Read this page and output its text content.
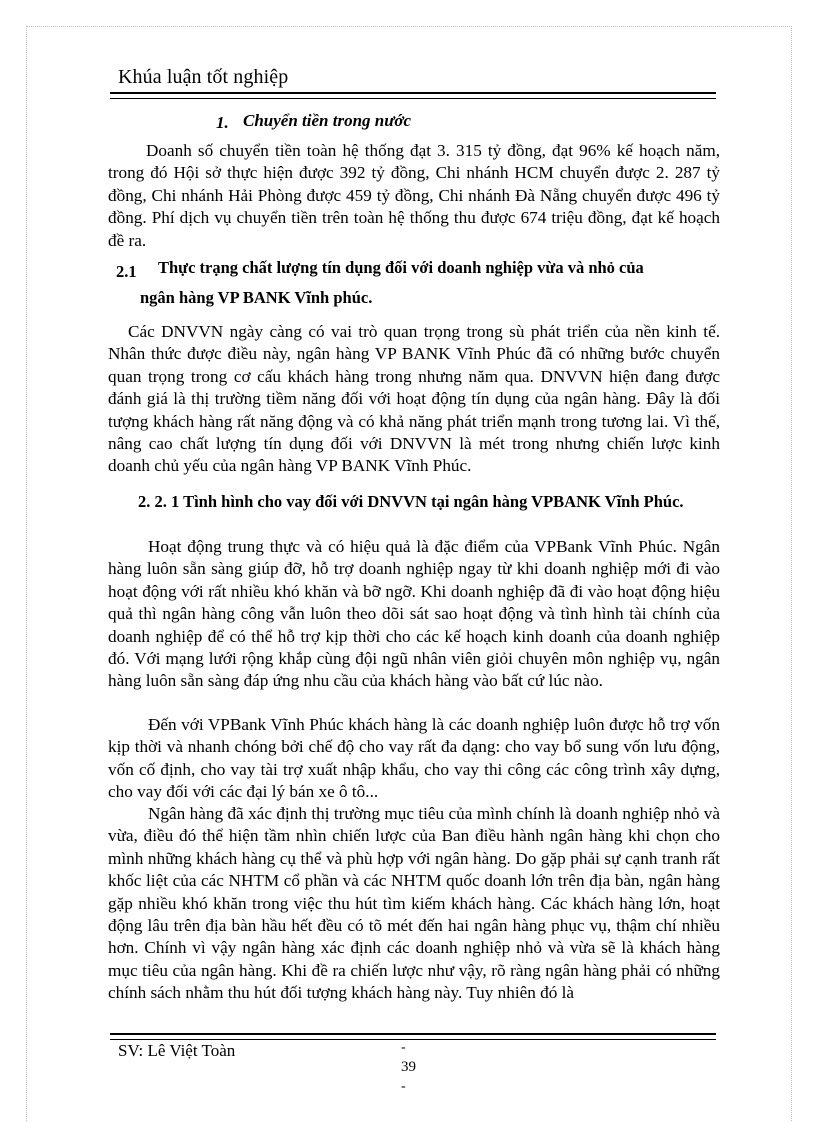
Khúa luận tốt nghiệp
1. Chuyển tiền trong nước

Doanh số chuyển tiền toàn hệ thống đạt 3. 315 tỷ đồng, đạt 96% kế hoạch năm, trong đó Hội sở thực hiện được 392 tỷ đồng, Chi nhánh HCM chuyển được 2. 287 tỷ đồng, Chi nhánh Hải Phòng được 459 tỷ đồng, Chi nhánh Đà Nẵng chuyển được 496 tỷ đồng. Phí dịch vụ chuyển tiền trên toàn hệ thống thu được 674 triệu đồng, đạt kế hoạch đề ra.

2.1 Thực trạng chất lượng tín dụng đối với doanh nghiệp vừa và nhỏ của
ngân hàng VP BANK Vĩnh phúc.

Các DNVVN ngày càng có vai trò quan trọng trong sù phát triển của nền kinh tế. Nhân thức được điều này, ngân hàng VP BANK Vĩnh Phúc đã có những bước chuyển quan trọng trong cơ cấu khách hàng trong nhưng năm qua. DNVVN hiện đang được đánh giá là thị trường tiềm năng đối với hoạt động tín dụng của ngân hàng. Đây là đối tượng khách hàng rất năng động và có khả năng phát triển mạnh trong tương lai. Vì thế, nâng cao chất lượng tín dụng đối với DNVVN là mét trong nhưng chiến lược kinh doanh chủ yếu của ngân hàng VP BANK Vĩnh Phúc.

2. 2. 1 Tình hình cho vay đối với DNVVN tại ngân hàng VPBANK Vĩnh Phúc.

Hoạt động trung thực và có hiệu quả là đặc điểm của VPBank Vĩnh Phúc. Ngân hàng luôn sẵn sàng giúp đỡ, hỗ trợ doanh nghiệp ngay từ khi doanh nghiệp mới đi vào hoạt động với rất nhiều khó khăn và bỡ ngỡ. Khi doanh nghiệp đã đi vào hoạt động hiệu quả thì ngân hàng công vẫn luôn theo dõi sát sao hoạt động và tình hình tài chính của doanh nghiệp để có thể hỗ trợ kịp thời cho các kế hoạch kinh doanh của doanh nghiệp đó. Với mạng lưới rộng khắp cùng đội ngũ nhân viên giỏi chuyên môn nghiệp vụ, ngân hàng luôn sẵn sàng đáp ứng nhu cầu của khách hàng vào bất cứ lúc nào.

Đến với VPBank Vĩnh Phúc khách hàng là các doanh nghiệp luôn được hỗ trợ vốn kịp thời và nhanh chóng bởi chế độ cho vay rất đa dạng: cho vay bổ sung vốn lưu động, vốn cố định, cho vay tài trợ xuất nhập khẩu, cho vay thi công các công trình xây dựng, cho vay đối với các đại lý bán xe ô tô...

Ngân hàng đã xác định thị trường mục tiêu của mình chính là doanh nghiệp nhỏ và vừa, điều đó thể hiện tầm nhìn chiến lược của Ban điều hành ngân hàng khi chọn cho mình những khách hàng cụ thể và phù hợp với ngân hàng. Do gặp phải sự cạnh tranh rất khốc liệt của các NHTM cổ phần và các NHTM quốc doanh lớn trên địa bàn, ngân hàng gặp nhiều khó khăn trong việc thu hút tìm kiếm khách hàng. Các khách hàng lớn, hoạt động lâu trên địa bàn hầu hết đều có tõ mét đến hai ngân hàng phục vụ, thậm chí nhiều hơn. Chính vì vậy ngân hàng xác định các doanh nghiệp nhỏ và vừa sẽ là khách hàng mục tiêu của ngân hàng. Khi đề ra chiến lược như vậy, rõ ràng ngân hàng phải có những chính sách nhằm thu hút đối tượng khách hàng này. Tuy nhiên đó là

SV: Lê Việt Toàn	-
39
-
